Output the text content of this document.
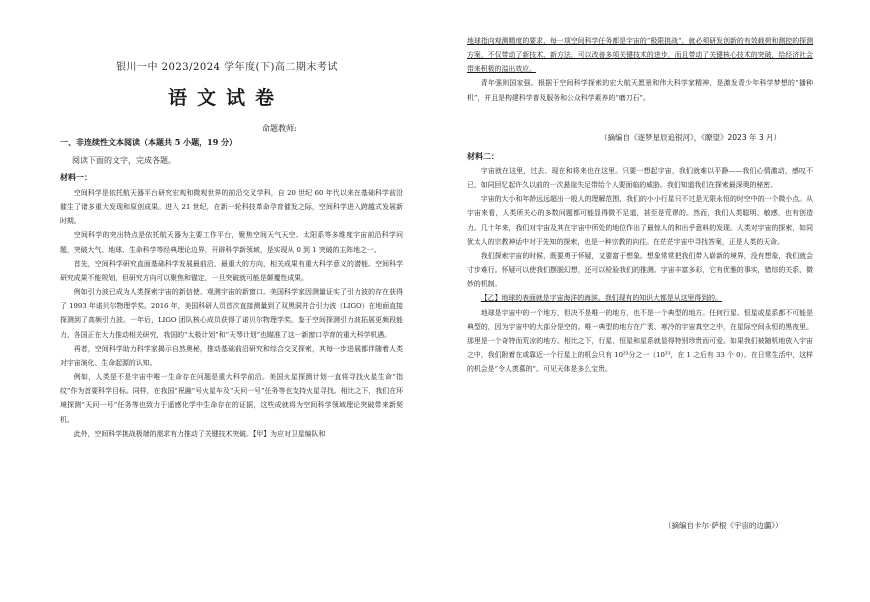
银川一中 2023/2024 学年度(下)高二期末考试
语文试卷
命题教师:
一、非连续性文本阅读（本题共 5 小题，19 分）
阅读下面的文字，完成各题。
材料一：

空间科学是依托航天器平台研究宏观和微观世界的前沿交叉学科，自 20 世纪 60 年代以来在基础科学前沿催生了诸多重大发现和原创成果。进入 21 世纪，在新一轮科技革命孕育催发之际，空间科学进入跨越式发展新时期。

空间科学的突出特点是依托航天器为主要工作平台，聚焦空间天气天空、太阳系等多维度宇宙前沿科学问题，突破大气、地球、生命科学等经典理论边界，开辟科学新领域，是实现从 0 到 1 突破的主阵地之一。

首先，空间科学研究直面基础科学发展最前沿、最重大的方向，相关成果有重大科学意义的潜能。空间科学研究成果不能规划，但研究方向可以聚焦和锚定，一旦突破就可能是颠覆性成果。

例如引力波已成为人类探索宇宙的新信使、观测宇宙的新窗口。美国科学家因测量证实了引力波的存在获得了 1993 年诺贝尔物理学奖。2016 年，美国科研人员首次直接测量到了双黑洞并合引力波（LIGO）在地面直接探测到了高频引力波。一年后，LIGO 团队核心成员获得了诺贝尔物理学奖。鉴于空间探测引力波拓展更频段能力，各国正在大力推动相关研究，我国的“太极计划”和“天琴计划”也瞄准了这一新窗口孕育的重大科学机遇。

再者，空间科学助力科学家揭示自然奥秘，推动基础前沿研究和综合交叉探索，其每一步进展都伴随着人类对宇宙演化、生命起源的认知。

例如，人类是不是宇宙中唯一生命存在问题是重大科学前沿。美国火星探测计划一直将寻找火星生命“指纹”作为首要科学目标。同样，在我国“祝融”号火星车及“天问一号”任务等也支持火星寻找。相比之下，我们在环境探测“天问一号”任务等也致力于遥感化学中生命存在的证据，这些成就将为空间科学领域理论突破带来新契机。

此外，空间科学挑战极端的需求有力推动了关键技术突破。【甲】为应对卫星编队和

地球指向观测精度的要求，每一项空间科学任务都是宇宙的“极限挑战”，就必须研发创新的有效载荷和测控的探测方案，不仅带动了新技术、新方法，可以改善多项关键技术的进步，而且带动了关键核心技术的突破，给经济社会带来积极的溢出效应。

青年强则国家强。根据于空间科学探索的宏大航天愿景和伟大科学家精神，是激发青少年科学梦想的“播种机”，并且是构建科学普及服务和公众科学素养的“磨刀石”。

（摘编自《逐梦星辰追银河》，《瞭望》2023 年 3 月）
材料二：

宇宙就在这里，过去、现在和将来也在这里。只要一想起宇宙，我们就难以平静——我们心情激动，感叹不已，如同回忆起许久以前的一次悬崖失足带给个人要面临的威胁。我们知道我们在探索最深奥的秘密。

宇宙的大小和年龄远远超出一般人的理解范围，我们的小小行星只不过是无限永恒的时空中的一个微小点。从宇宙来看，人类所关心的多数问题都可能显得微不足道，甚至是荒谬的。然而，我们人类聪明、敏感，也有创造力。几十年来，我们对宇宙及其在宇宙中所处的地位作出了最惊人的和出乎意料的发现。人类对宇宙的探索，如同犹太人的宗教神话中对于先知的探索，也是一种宗教的向往。在茫茫宇宙中寻找答案，正是人类的天命。

我们探索宇宙的时候，既要勇于怀疑，又要富于想象。想象常常把我们带入崭新的境界，没有想象，我们就会寸步难行。怀疑可以使我们摆脱幻想，还可以检验我们的推测。宇宙丰富多彩，它有优雅的事实，错综的关系，微妙的机制。

【乙】地球的表面就是宇宙海洋的海滨。我们现有的知识大都是从这里得到的。

地球是宇宙中的一个地方，但决不是唯一的地方，也不是一个典型的地方。任何行星、恒星或星系都不可能是典型的，因为宇宙中的大部分是空的。唯一典型的地方在广袤、寒冷的宇宙真空之中，在星际空间永恒的黑夜里。那里是一个奇特而荒凉的地方。相比之下，行星、恒星和星系就显得特别珍贵而可爱。如果我们被随机地放入宇宙之中，我们附着在或靠近一个行星上的机会只有 10³³分之一（10³³，在 1 之后有 33 个 0）。在日常生活中，这样的机会是“令人羡慕的”。可见天体是多么宝贵。

（摘编自卡尔·萨根《宇宙的边疆》）
